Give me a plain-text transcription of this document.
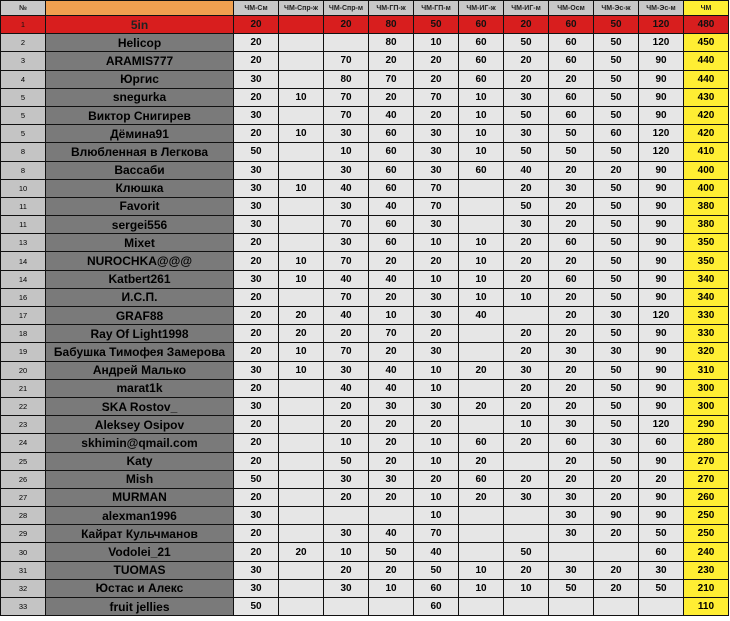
№		ЧМ-См	ЧМ-Спр-ж	ЧМ-Спр-м	ЧМ-ГП-ж	ЧМ-ГП-м	ЧМ-ИГ-ж	ЧМ-ИГ-м	ЧМ-Осм	ЧМ-Эс-ж	ЧМ-Эс-м	ЧМ
1	5in	20		20	80	50	60	20	60	50	120	480
2	Helicop	20			80	10	60	50	60	50	120	450
3	ARAMIS777	20		70	20	20	60	20	60	50	90	440
4	Юргис	30		80	70	20	60	20	20	50	90	440
5	snegurka	20	10	70	20	70	10	30	60	50	90	430
5	Виктор Снигирев	30		70	40	20	10	50	60	50	90	420
5	Дёмина91	20	10	30	60	30	10	30	50	60	120	420
8	Влюбленная в Легкова	50		10	60	30	10	50	50	50	120	410
8	Вассаби	30		30	60	30	60	40	20	20	90	400
10	Клюшка	30	10	40	60	70		20	30	50	90	400
11	Favorit	30		30	40	70		50	20	50	90	380
11	sergei556	30		70	60	30		30	20	50	90	380
13	Mixet	20		30	60	10	10	20	60	50	90	350
14	NUROCHKA@@@	20	10	70	20	20	10	20	20	50	90	350
14	Katbert261	30	10	40	40	10	10	20	60	50	90	340
16	И.С.П.	20		70	20	30	10	10	20	50	90	340
17	GRAF88	20	20	40	10	30	40		20	30	120	330
18	Ray Of Light1998	20	20	20	70	20		20	20	50	90	330
19	Бабушка Тимофея Замерова	20	10	70	20	30		20	30	30	90	320
20	Андрей Малько	30	10	30	40	10	20	30	20	50	90	310
21	marat1k	20		40	40	10		20	20	50	90	300
22	SKA Rostov_	30		20	30	30	20	20	20	50	90	300
23	Aleksey Osipov	20		20	20	20		10	30	50	120	290
24	skhimin@qmail.com	20		10	20	10	60	20	60	30	60	280
25	Katy	20		50	20	10	20		20	50	90	270
26	Mish	50		30	30	20	60	20	20	20	20	270
27	MURMAN	20		20	20	10	20	30	30	20	90	260
28	alexman1996	30				10			30	90	90	250
29	Кайрат Кульчманов	20		30	40	70			30	20	50	250
30	Vodolei_21	20	20	10	50	40		50			60	240
31	TUOMAS	30		20	20	50	10	20	30	20	30	230
32	Юстас и Алекс	30		30	10	60	10	10	50	20	50	210
33	fruit jellies	50				60						110
